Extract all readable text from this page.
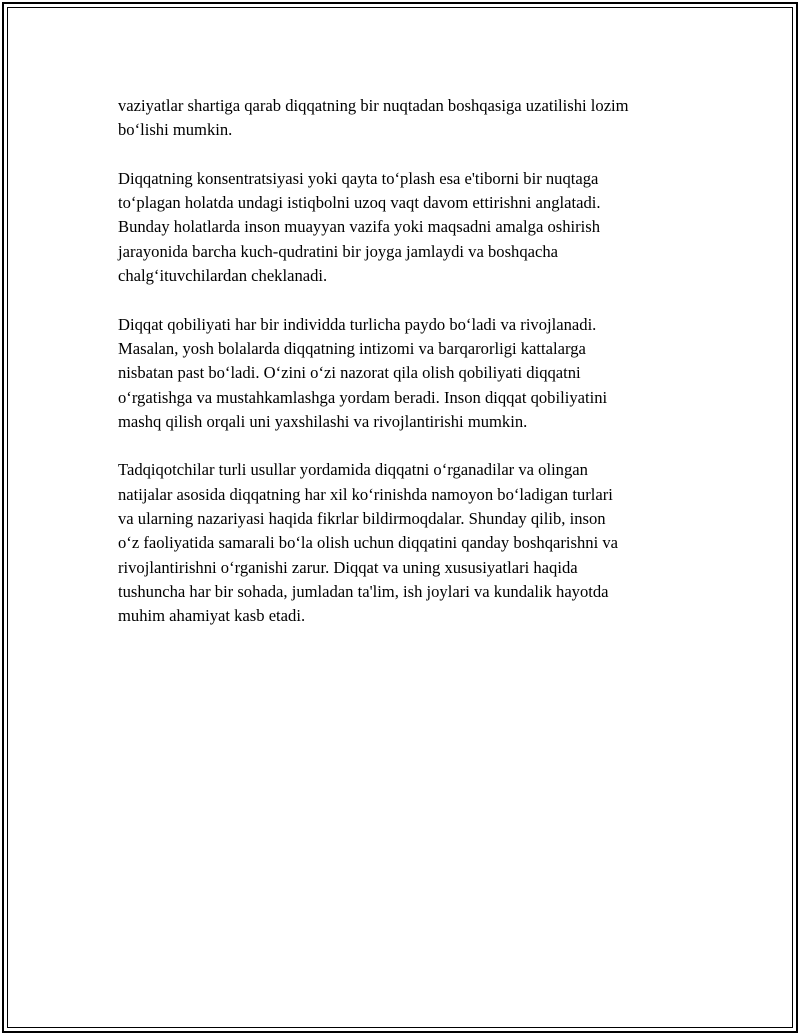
vaziyatlar shartiga qarab diqqatning bir nuqtadan boshqasiga uzatilishi lozim
bo‘lishi mumkin.

Diqqatning konsentratsiyasi yoki qayta to‘plash esa e'tiborni bir nuqtaga
to‘plagan holatda undagi istiqbolni uzoq vaqt davom ettirishni anglatadi.
Bunday holatlarda inson muayyan vazifa yoki maqsadni amalga oshirish
jarayonida barcha kuch-qudratini bir joyga jamlaydi va boshqacha
chalg‘ituvchilardan cheklanadi.

Diqqat qobiliyati har bir individda turlicha paydo bo‘ladi va rivojlanadi.
Masalan, yosh bolalarda diqqatning intizomi va barqarorligi kattalarga
nisbatan past bo‘ladi. O‘zini o‘zi nazorat qila olish qobiliyati diqqatni
o‘rgatishga va mustahkamlashga yordam beradi. Inson diqqat qobiliyatini
mashq qilish orqali uni yaxshilashi va rivojlantirishi mumkin.

Tadqiqotchilar turli usullar yordamida diqqatni o‘rganadilar va olingan
natijalar asosida diqqatning har xil ko‘rinishda namoyon bo‘ladigan turlari
va ularning nazariyasi haqida fikrlar bildirmoqdalar. Shunday qilib, inson
o‘z faoliyatida samarali bo‘la olish uchun diqqatini qanday boshqarishni va
rivojlantirishni o‘rganishi zarur. Diqqat va uning xususiyatlari haqida
tushuncha har bir sohada, jumladan ta'lim, ish joylari va kundalik hayotda
muhim ahamiyat kasb etadi.
